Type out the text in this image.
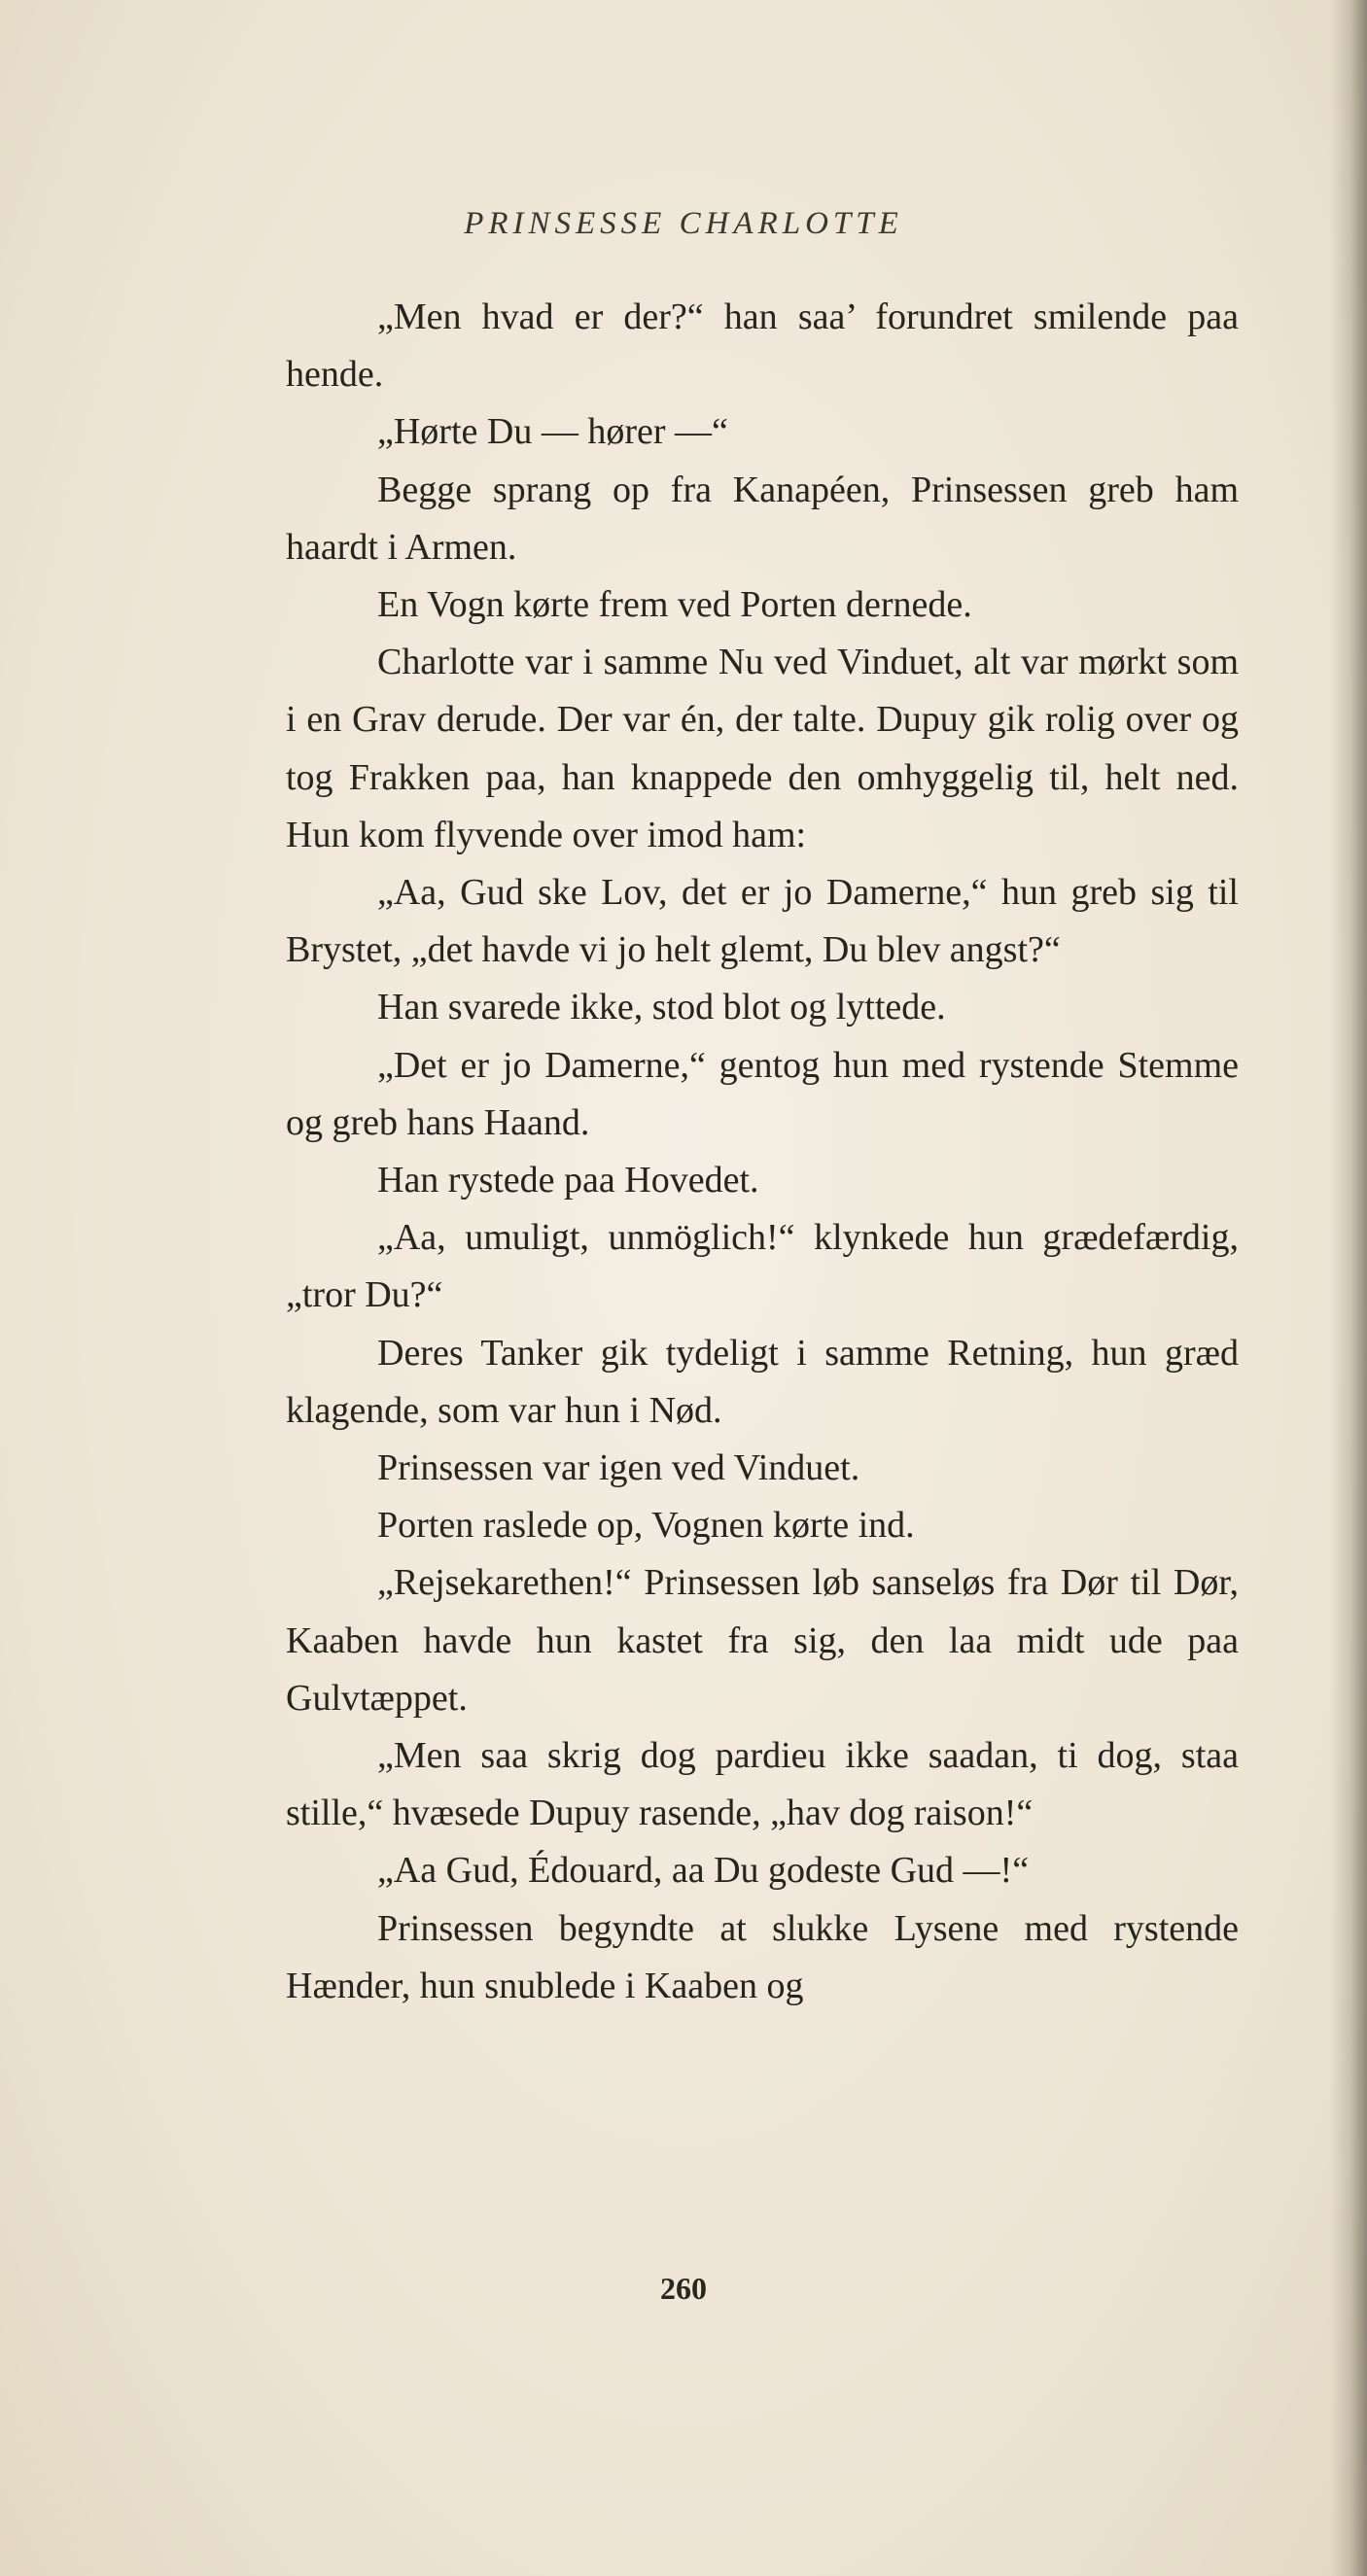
PRINSESSE CHARLOTTE

„Men hvad er der?“ han saa’ forundret smilende paa hende.

„Hørte Du — hører —“

Begge sprang op fra Kanapéen, Prinsessen greb ham haardt i Armen.

En Vogn kørte frem ved Porten dernede.

Charlotte var i samme Nu ved Vinduet, alt var mørkt som i en Grav derude. Der var én, der talte. Dupuy gik rolig over og tog Frakken paa, han knappede den omhyggelig til, helt ned. Hun kom flyvende over imod ham:

„Aa, Gud ske Lov, det er jo Damerne,“ hun greb sig til Brystet, „det havde vi jo helt glemt, Du blev angst?“

Han svarede ikke, stod blot og lyttede.

„Det er jo Damerne,“ gentog hun med rystende Stemme og greb hans Haand.

Han rystede paa Hovedet.

„Aa, umuligt, unmöglich!“ klynkede hun grædefærdig, „tror Du?“

Deres Tanker gik tydeligt i samme Retning, hun græd klagende, som var hun i Nød.

Prinsessen var igen ved Vinduet.

Porten raslede op, Vognen kørte ind.

„Rejsekarethen!“ Prinsessen løb sanseløs fra Dør til Dør, Kaaben havde hun kastet fra sig, den laa midt ude paa Gulvtæppet.

„Men saa skrig dog pardieu ikke saadan, ti dog, staa stille,“ hvæsede Dupuy rasende, „hav dog raison!“

„Aa Gud, Édouard, aa Du godeste Gud —!“

Prinsessen begyndte at slukke Lysene med rystende Hænder, hun snublede i Kaaben og

260
